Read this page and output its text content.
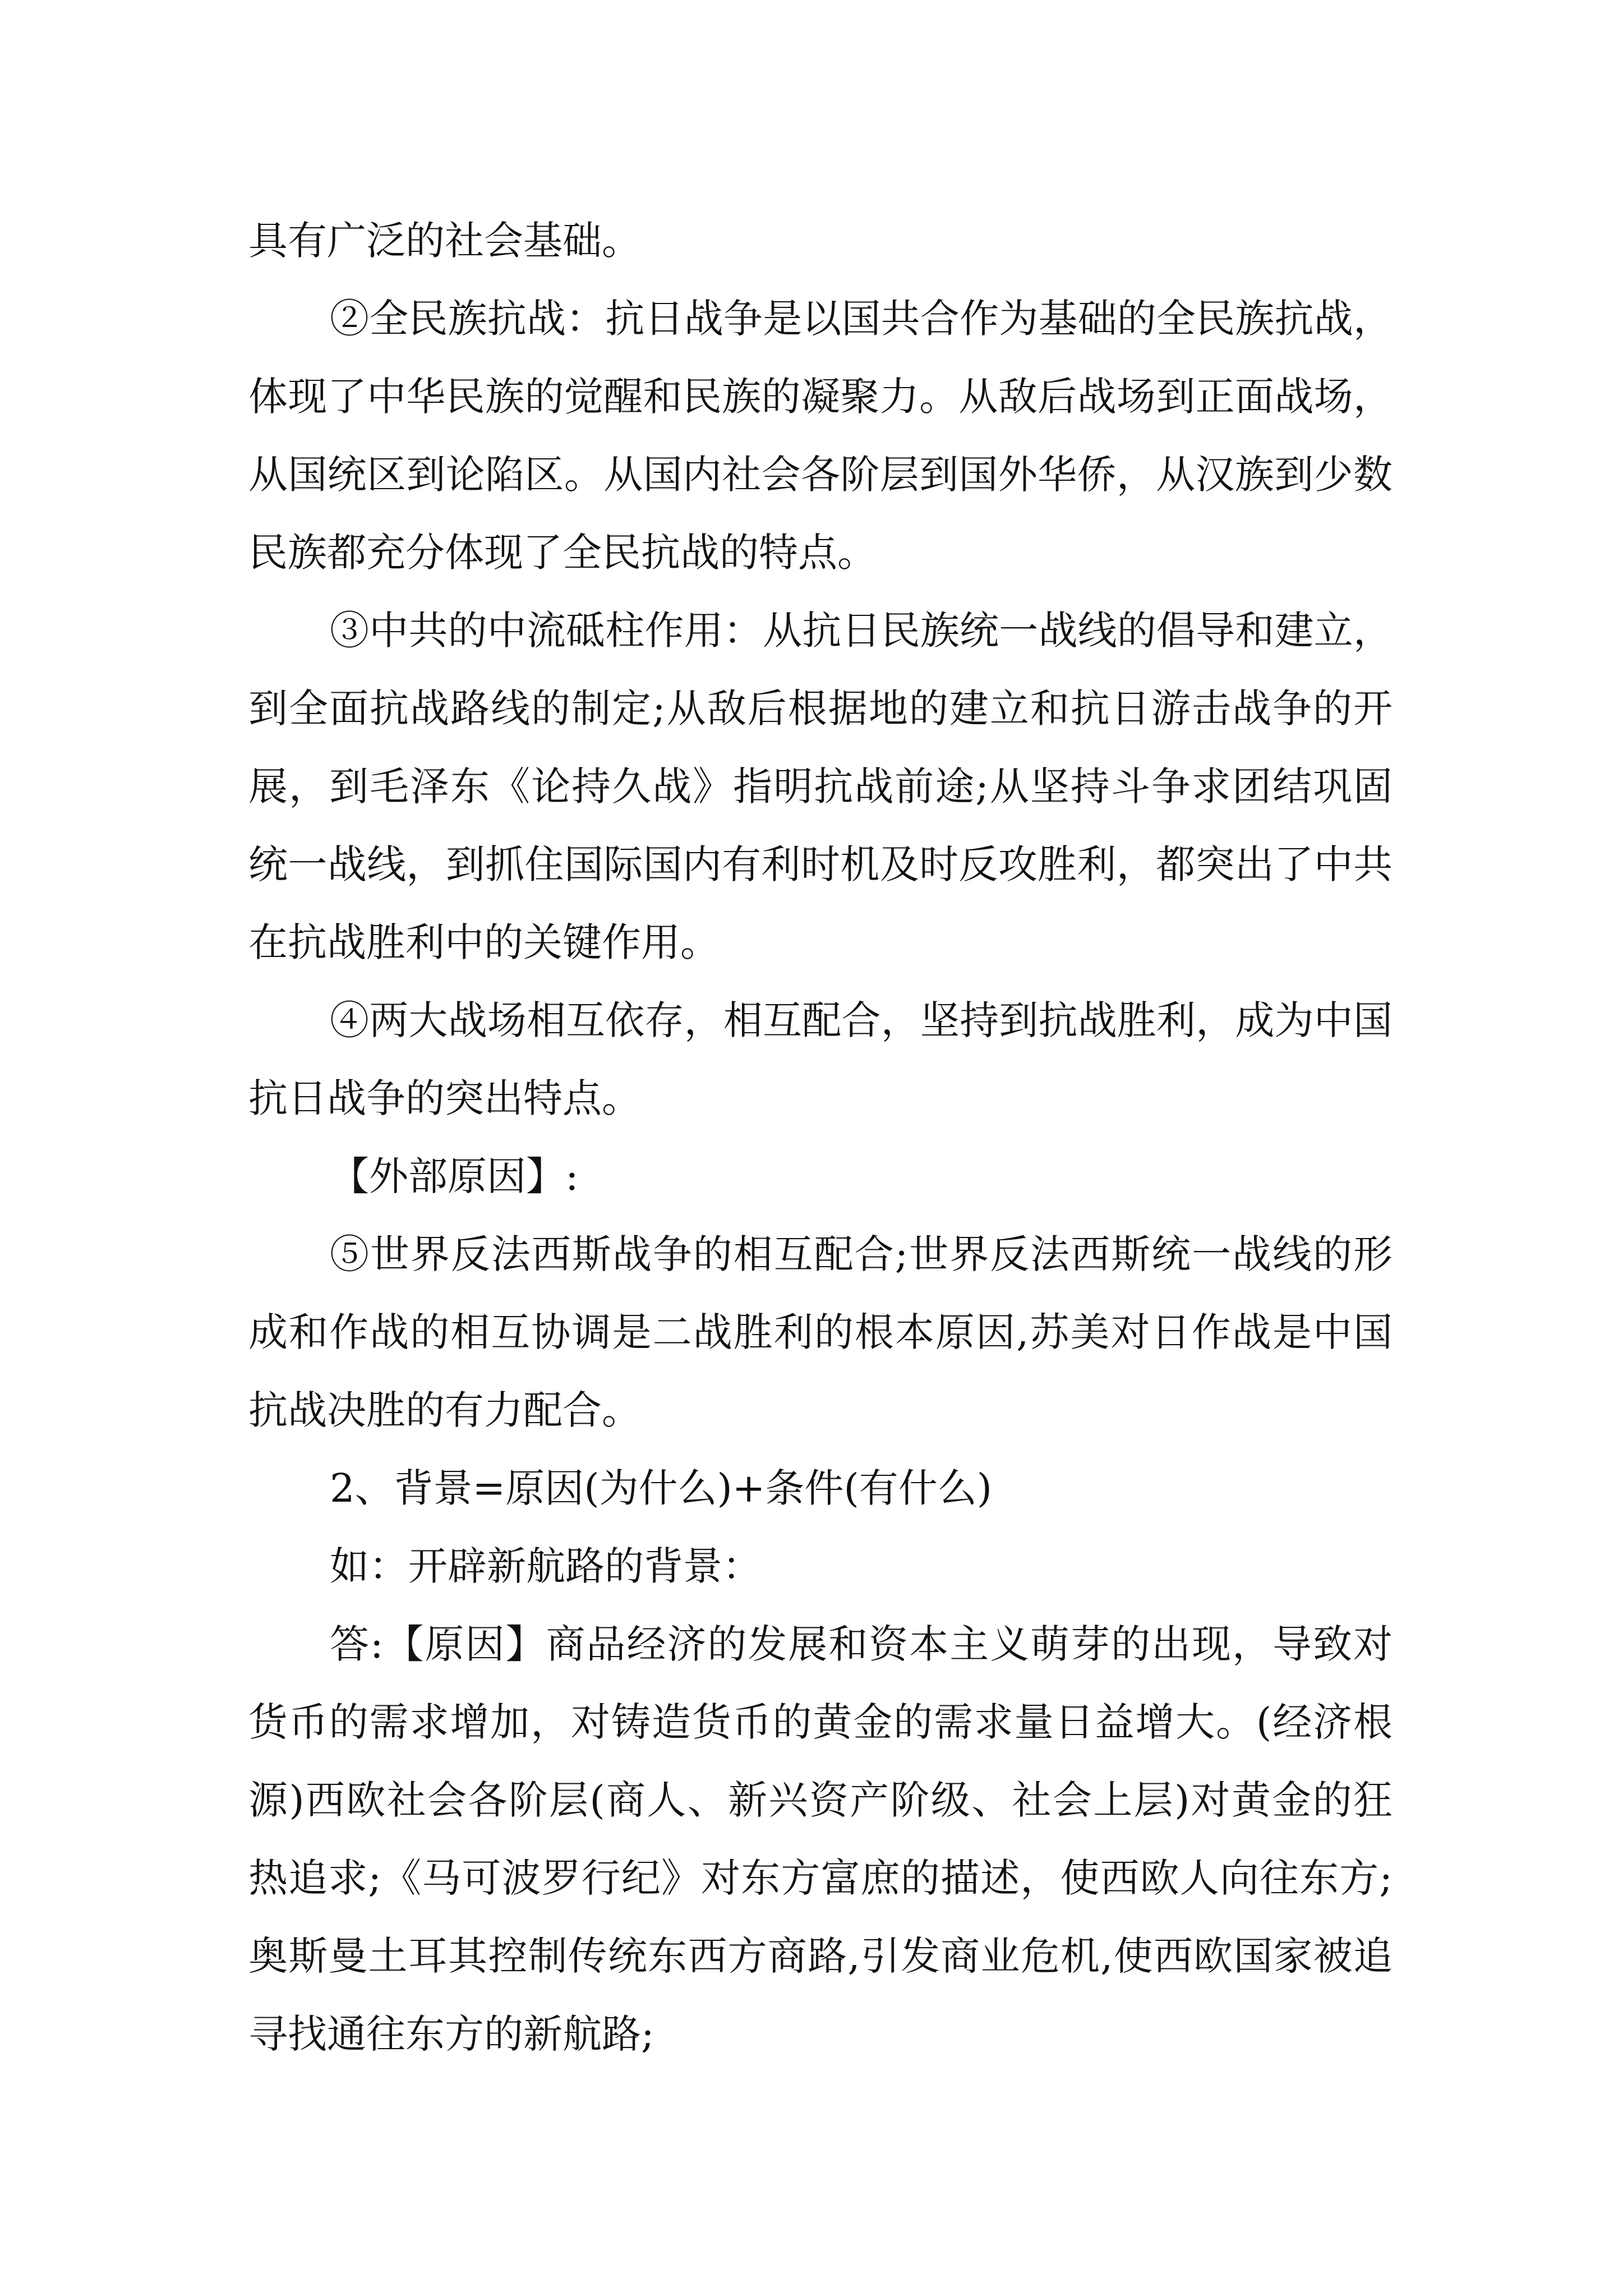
具有广泛的社会基础。

②全民族抗战：抗日战争是以国共合作为基础的全民族抗战，体现了中华民族的觉醒和民族的凝聚力。从敌后战场到正面战场，从国统区到论陷区。从国内社会各阶层到国外华侨，从汉族到少数民族都充分体现了全民抗战的特点。

③中共的中流砥柱作用：从抗日民族统一战线的倡导和建立，到全面抗战路线的制定;从敌后根据地的建立和抗日游击战争的开展，到毛泽东《论持久战》指明抗战前途;从坚持斗争求团结巩固统一战线，到抓住国际国内有利时机及时反攻胜利，都突出了中共在抗战胜利中的关键作用。

④两大战场相互依存，相互配合，坚持到抗战胜利，成为中国抗日战争的突出特点。

【外部原因】:

⑤世界反法西斯战争的相互配合;世界反法西斯统一战线的形成和作战的相互协调是二战胜利的根本原因,苏美对日作战是中国抗战决胜的有力配合。

2、背景=原因(为什么)+条件(有什么)

如：开辟新航路的背景：

答:【原因】商品经济的发展和资本主义萌芽的出现，导致对货币的需求增加，对铸造货币的黄金的需求量日益增大。(经济根源)西欧社会各阶层(商人、新兴资产阶级、社会上层)对黄金的狂热追求;《马可波罗行纪》对东方富庶的描述，使西欧人向往东方;奥斯曼土耳其控制传统东西方商路,引发商业危机,使西欧国家被追寻找通往东方的新航路;
